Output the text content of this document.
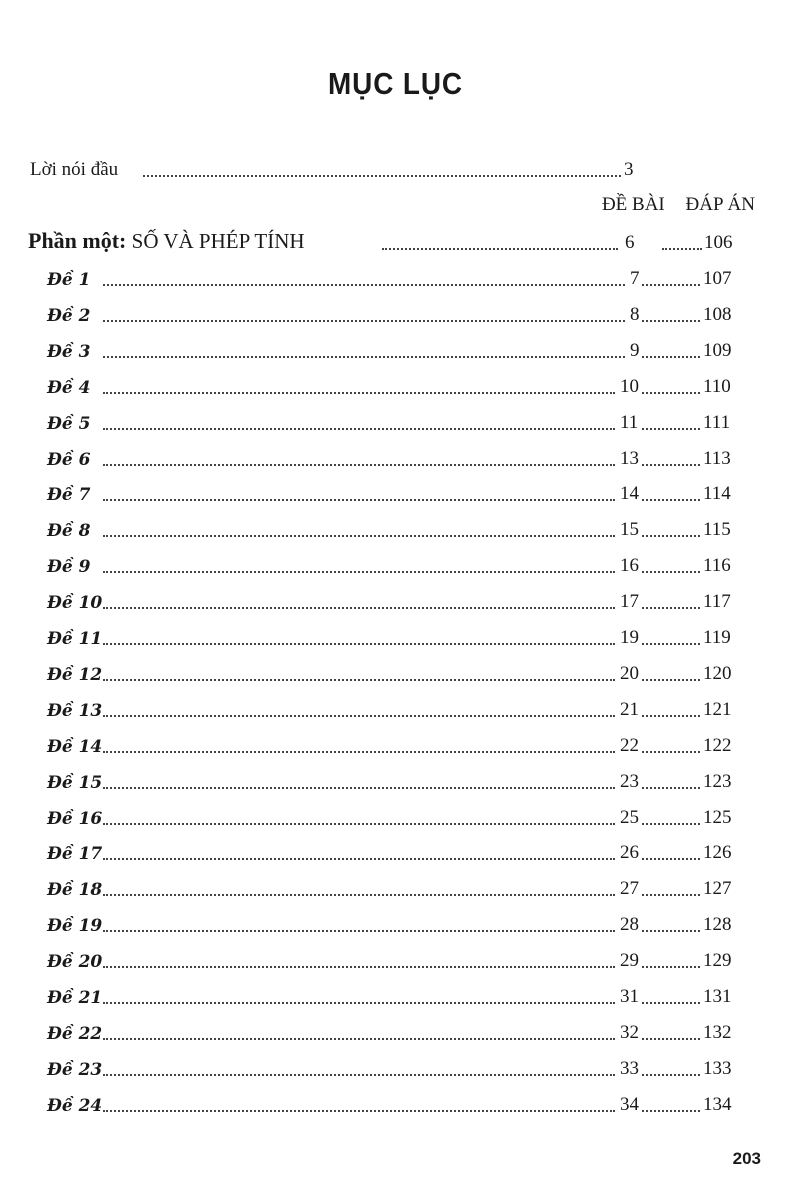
MỤC LỤC
Lời nói đầu	3
ĐỀ BÀI ĐÁP ÁN
Phần một: SỐ VÀ PHÉP TÍNH	6	106
Đề 1	7	107
Đề 2	8	108
Đề 3	9	109
Đề 4	10	110
Đề 5	11	111
Đề 6	13	113
Đề 7	14	114
Đề 8	15	115
Đề 9	16	116
Đề 10	17	117
Đề 11	19	119
Đề 12	20	120
Đề 13	21	121
Đề 14	22	122
Đề 15	23	123
Đề 16	25	125
Đề 17	26	126
Đề 18	27	127
Đề 19	28	128
Đề 20	29	129
Đề 21	31	131
Đề 22	32	132
Đề 23	33	133
Đề 24	34	134
203
